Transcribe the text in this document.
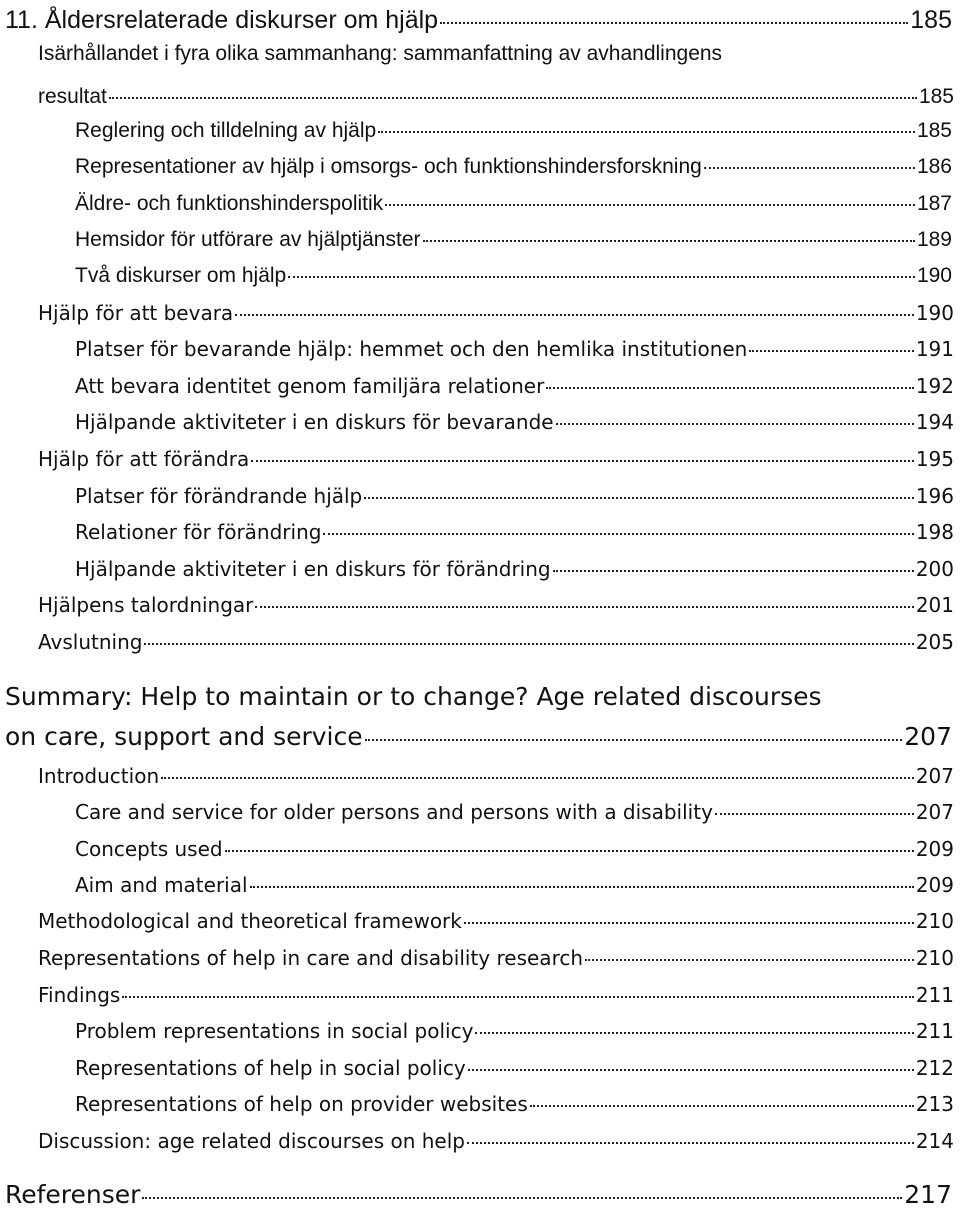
11. Åldersrelaterade diskurser om hjälp	185
Isärhållandet i fyra olika sammanhang: sammanfattning av avhandlingens
resultat	185
Reglering och tilldelning av hjälp	185
Representationer av hjälp i omsorgs- och funktionshindersforskning	186
Äldre- och funktionshinderspolitik	187
Hemsidor för utförare av hjälptjänster	189
Två diskurser om hjälp	190
Hjälp för att bevara	190
Platser för bevarande hjälp: hemmet och den hemlika institutionen	191
Att bevara identitet genom familjära relationer	192
Hjälpande aktiviteter i en diskurs för bevarande	194
Hjälp för att förändra	195
Platser för förändrande hjälp	196
Relationer för förändring	198
Hjälpande aktiviteter i en diskurs för förändring	200
Hjälpens talordningar	201
Avslutning	205
Summary: Help to maintain or to change? Age related discourses
on care, support and service	207
Introduction	207
Care and service for older persons and persons with a disability	207
Concepts used	209
Aim and material	209
Methodological and theoretical framework	210
Representations of help in care and disability research	210
Findings	211
Problem representations in social policy	211
Representations of help in social policy	212
Representations of help on provider websites	213
Discussion: age related discourses on help	214
Referenser	217
